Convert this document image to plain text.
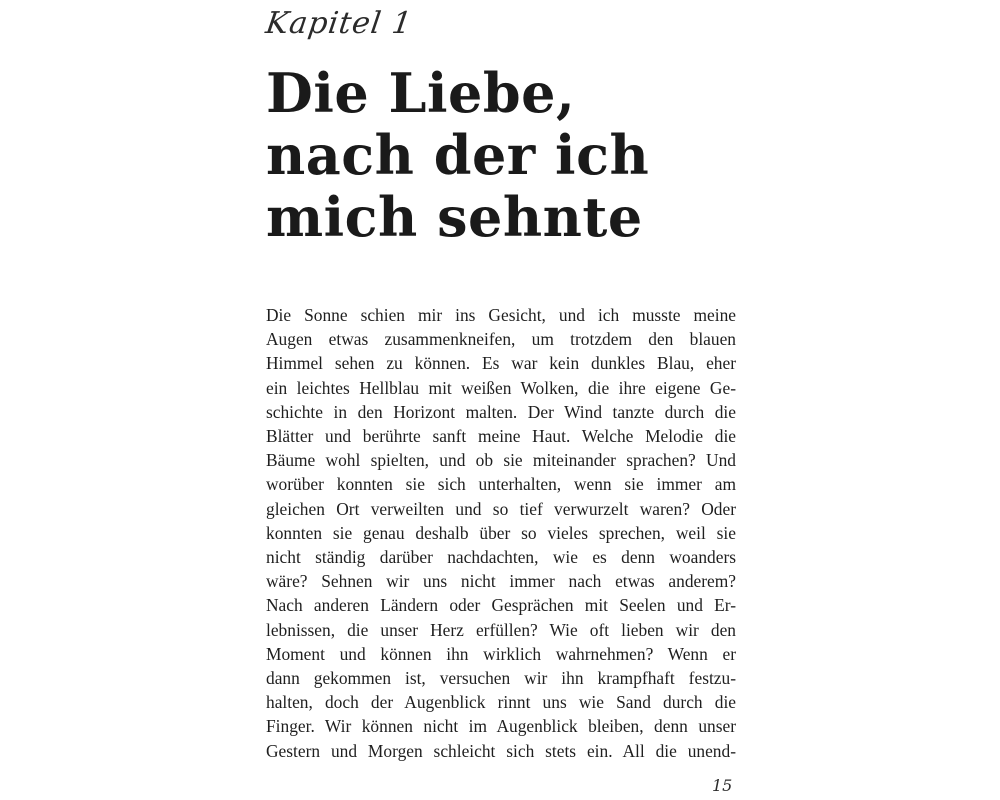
Kapitel 1
Die Liebe,
nach der ich
mich sehnte
Die Sonne schien mir ins Gesicht, und ich musste meine
Augen etwas zusammenkneifen, um trotzdem den blauen
Himmel sehen zu können. Es war kein dunkles Blau, eher
ein leichtes Hellblau mit weißen Wolken, die ihre eigene Ge-
schichte in den Horizont malten. Der Wind tanzte durch die
Blätter und berührte sanft meine Haut. Welche Melodie die
Bäume wohl spielten, und ob sie miteinander sprachen? Und
worüber konnten sie sich unterhalten, wenn sie immer am
gleichen Ort verweilten und so tief verwurzelt waren? Oder
konnten sie genau deshalb über so vieles sprechen, weil sie
nicht ständig darüber nachdachten, wie es denn woanders
wäre? Sehnen wir uns nicht immer nach etwas anderem?
Nach anderen Ländern oder Gesprächen mit Seelen und Er-
lebnissen, die unser Herz erfüllen? Wie oft lieben wir den
Moment und können ihn wirklich wahrnehmen? Wenn er
dann gekommen ist, versuchen wir ihn krampfhaft festzu-
halten, doch der Augenblick rinnt uns wie Sand durch die
Finger. Wir können nicht im Augenblick bleiben, denn unser
Gestern und Morgen schleicht sich stets ein. All die unend-
15
